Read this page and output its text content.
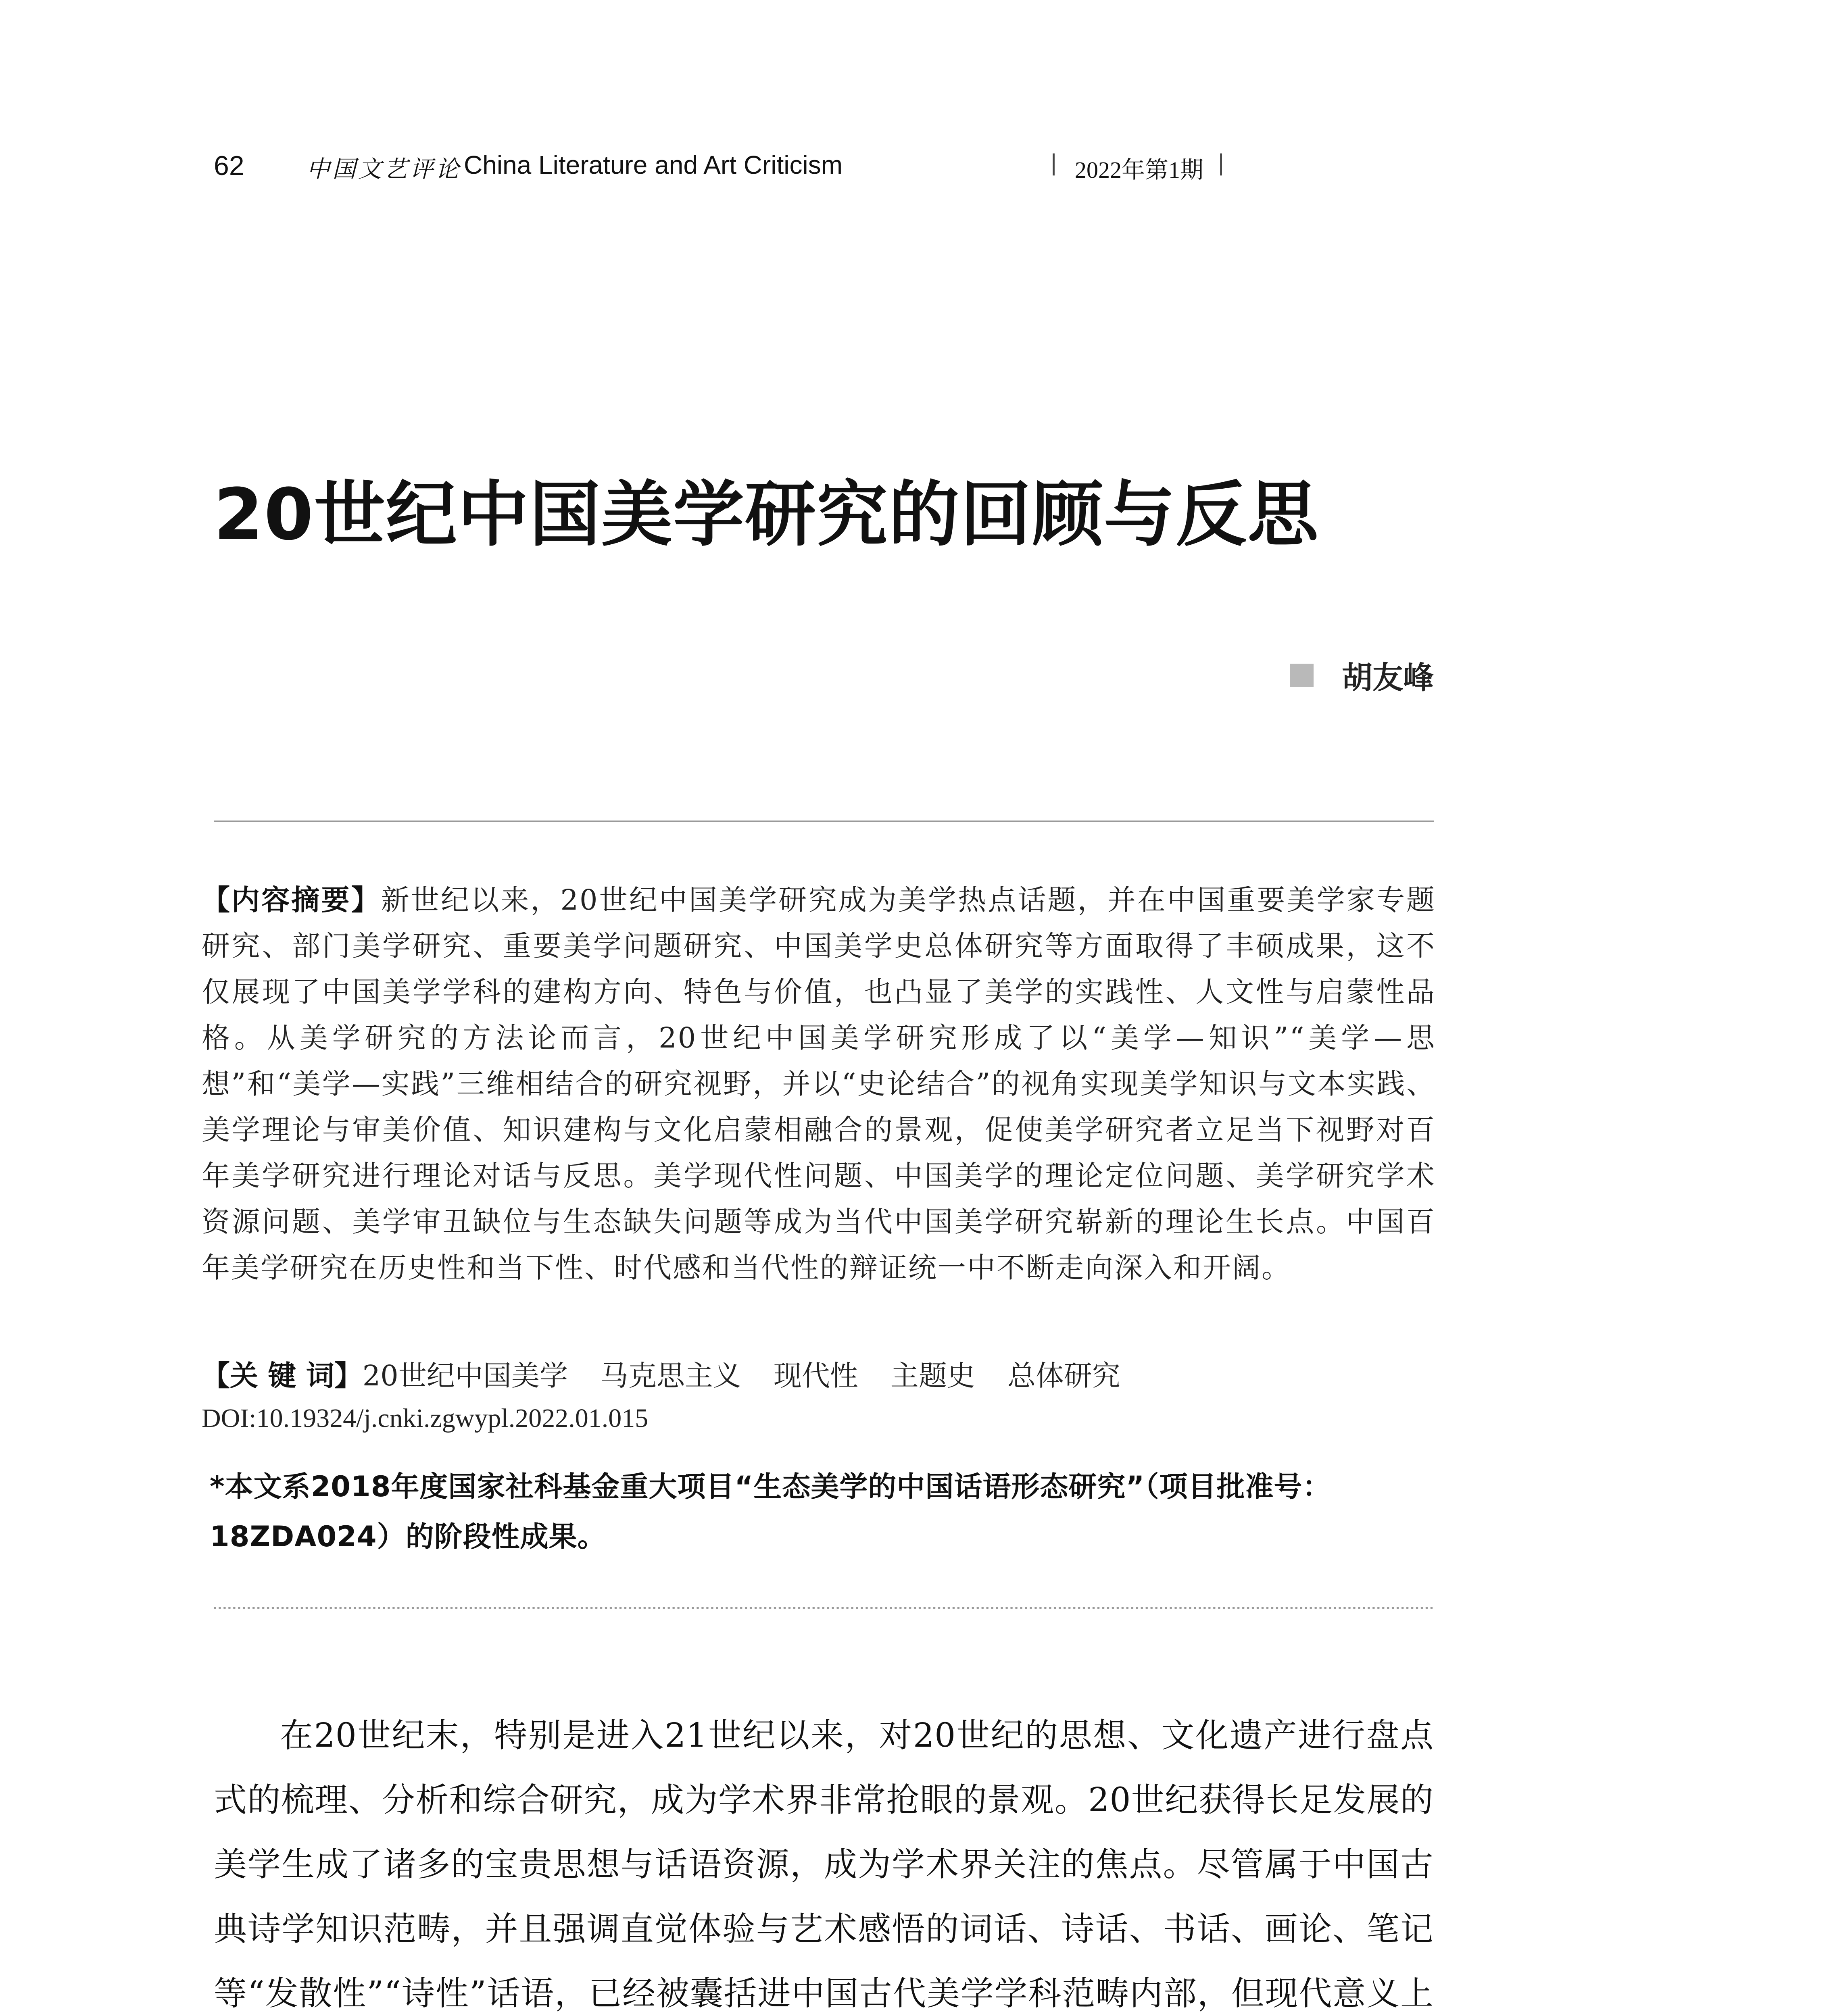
62	中国文艺评论 China Literature and Art Criticism	| 2022年第1期 |
20世纪中国美学研究的回顾与反思
胡友峰
【内容摘要】新世纪以来，20世纪中国美学研究成为美学热点话题，并在中国重要美学家专题研究、部门美学研究、重要美学问题研究、中国美学史总体研究等方面取得了丰硕成果，这不仅展现了中国美学学科的建构方向、特色与价值，也凸显了美学的实践性、人文性与启蒙性品格。从美学研究的方法论而言，20世纪中国美学研究形成了以“美学—知识”“美学—思想”和“美学—实践”三维相结合的研究视野，并以“史论结合”的视角实现美学知识与文本实践、美学理论与审美价值、知识建构与文化启蒙相融合的景观，促使美学研究者立足当下视野对百年美学研究进行理论对话与反思。美学现代性问题、中国美学的理论定位问题、美学研究学术资源问题、美学审丑缺位与生态缺失问题等成为当代中国美学研究崭新的理论生长点。中国百年美学研究在历史性和当下性、时代感和当代性的辩证统一中不断走向深入和开阔。
【关 键 词】20世纪中国美学 马克思主义 现代性 主题史 总体研究
DOI:10.19324/j.cnki.zgwypl.2022.01.015
*本文系2018年度国家社科基金重大项目“生态美学的中国话语形态研究”（项目批准号：18ZDA024）的阶段性成果。
在20世纪末，特别是进入21世纪以来，对20世纪的思想、文化遗产进行盘点式的梳理、分析和综合研究，成为学术界非常抢眼的景观。20世纪获得长足发展的美学生成了诸多的宝贵思想与话语资源，成为学术界关注的焦点。尽管属于中国古典诗学知识范畴，并且强调直觉体验与艺术感悟的词话、诗话、书话、画论、笔记等“发散性”“诗性”话语，已经被囊括进中国古代美学学科范畴内部，但现代意义上
